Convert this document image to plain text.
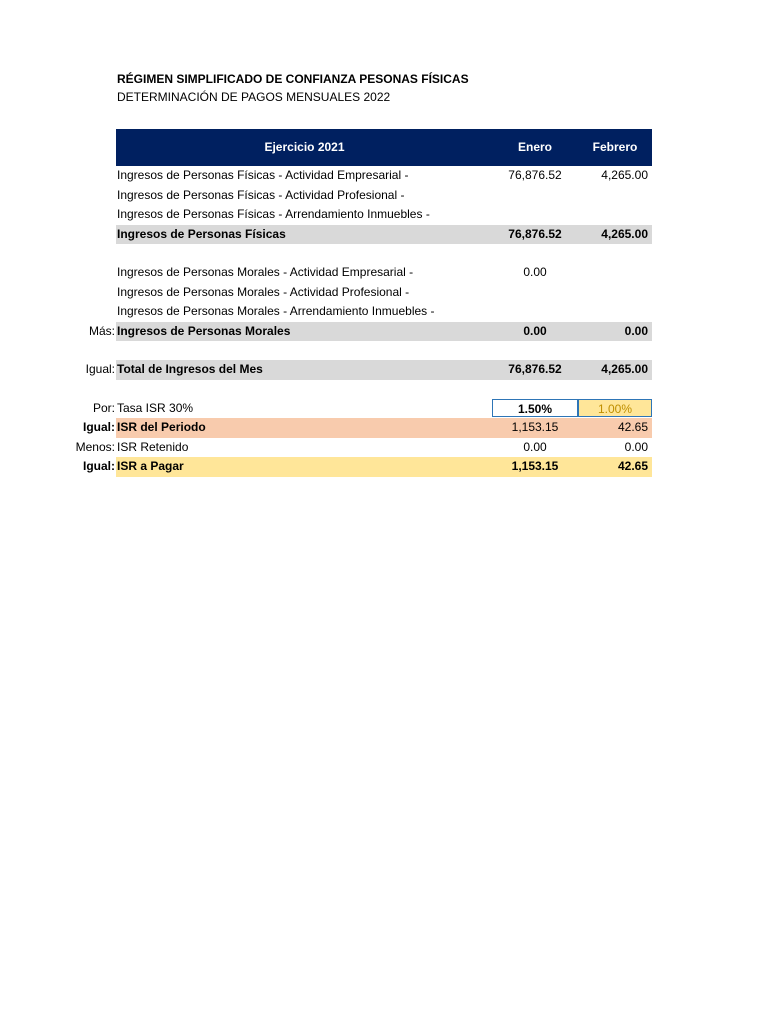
RÉGIMEN SIMPLIFICADO DE CONFIANZA PESONAS FÍSICAS
DETERMINACIÓN DE PAGOS MENSUALES 2022
Ejercicio 2021	Enero	Febrero
Ingresos de Personas Físicas - Actividad Empresarial -	76,876.52	4,265.00
Ingresos de Personas Físicas - Actividad Profesional -
Ingresos de Personas Físicas - Arrendamiento Inmuebles -
Ingresos de Personas Físicas	76,876.52	4,265.00
Ingresos de Personas Morales - Actividad Empresarial -	0.00
Ingresos de Personas Morales - Actividad Profesional -
Ingresos de Personas Morales - Arrendamiento Inmuebles -
Más: Ingresos de Personas Morales	0.00	0.00
Igual: Total de Ingresos del Mes	76,876.52	4,265.00
Por: Tasa ISR 30%	1.50%	1.00%
Igual: ISR del Periodo	1,153.15	42.65
Menos: ISR Retenido	0.00	0.00
Igual: ISR a Pagar	1,153.15	42.65
